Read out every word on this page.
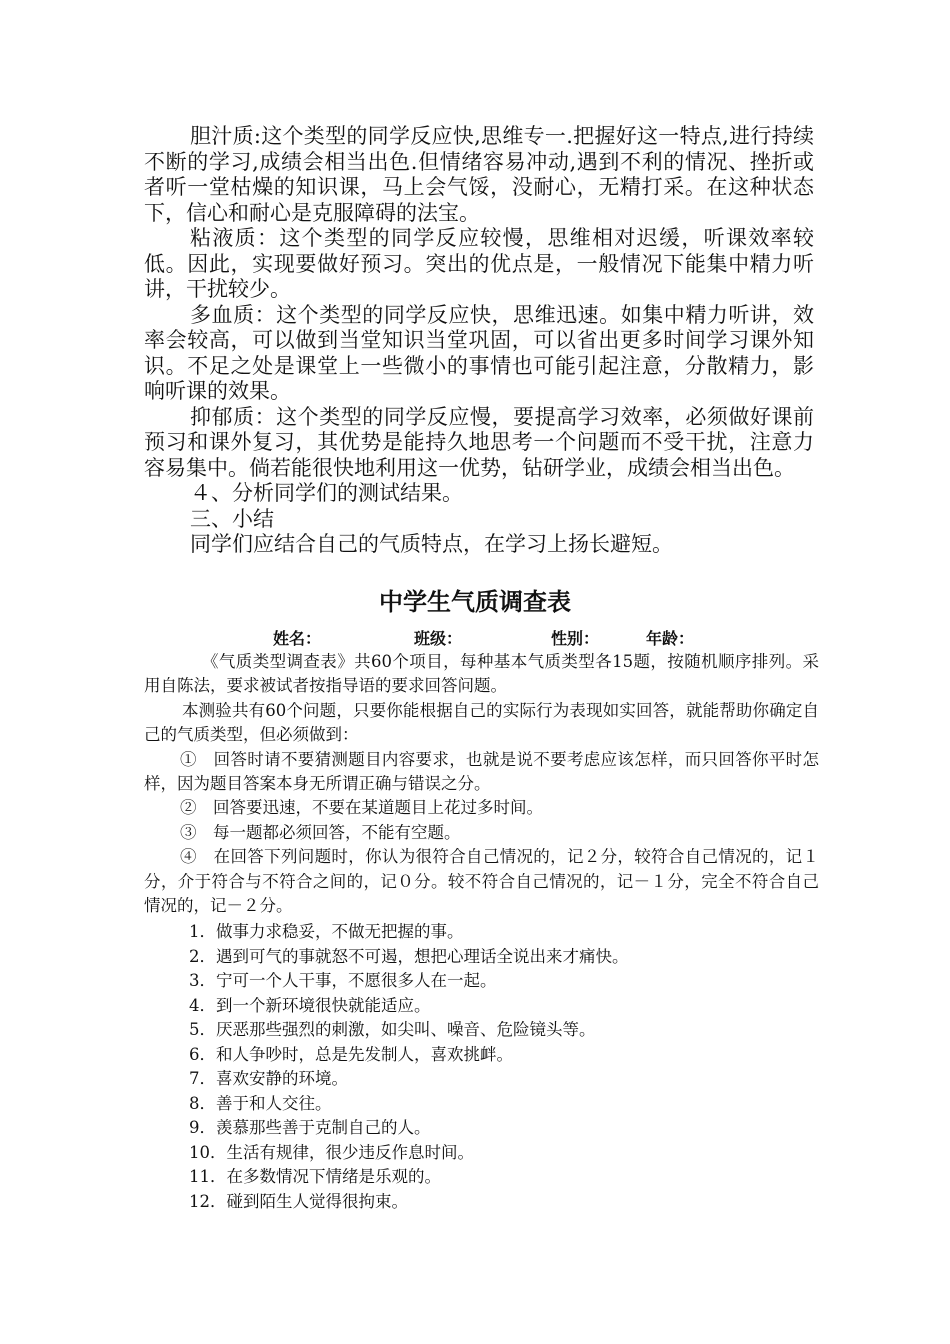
胆汁质:这个类型的同学反应快,思维专一.把握好这一特点,进行持续不断的学习,成绩会相当出色.但情绪容易冲动,遇到不利的情况、挫折或者听一堂枯燥的知识课，马上会气馁，没耐心，无精打采。在这种状态下，信心和耐心是克服障碍的法宝。

粘液质：这个类型的同学反应较慢，思维相对迟缓，听课效率较低。因此，实现要做好预习。突出的优点是，一般情况下能集中精力听讲，干扰较少。

多血质：这个类型的同学反应快，思维迅速。如集中精力听讲，效率会较高，可以做到当堂知识当堂巩固，可以省出更多时间学习课外知识。不足之处是课堂上一些微小的事情也可能引起注意，分散精力，影响听课的效果。

抑郁质：这个类型的同学反应慢，要提高学习效率，必须做好课前预习和课外复习，其优势是能持久地思考一个问题而不受干扰，注意力容易集中。倘若能很快地利用这一优势，钻研学业，成绩会相当出色。

４、分析同学们的测试结果。

三、小结

同学们应结合自己的气质特点，在学习上扬长避短。

中学生气质调查表
姓名：	班级：	性别：	年龄：

《气质类型调查表》共60个项目，每种基本气质类型各15题，按随机顺序排列。采用自陈法，要求被试者按指导语的要求回答问题。

本测验共有60个问题，只要你能根据自己的实际行为表现如实回答，就能帮助你确定自己的气质类型，但必须做到：

①　回答时请不要猜测题目内容要求，也就是说不要考虑应该怎样，而只回答你平时怎样，因为题目答案本身无所谓正确与错误之分。

②　回答要迅速，不要在某道题目上花过多时间。

③　每一题都必须回答，不能有空题。

④　在回答下列问题时，你认为很符合自己情况的，记２分，较符合自己情况的，记１分，介于符合与不符合之间的，记０分。较不符合自己情况的，记－１分，完全不符合自己情况的，记－２分。

1．做事力求稳妥，不做无把握的事。
2．遇到可气的事就怒不可遏，想把心理话全说出来才痛快。
3．宁可一个人干事，不愿很多人在一起。
4．到一个新环境很快就能适应。
5．厌恶那些强烈的刺激，如尖叫、噪音、危险镜头等。
6．和人争吵时，总是先发制人，喜欢挑衅。
7．喜欢安静的环境。
8．善于和人交往。
9．羡慕那些善于克制自己的人。
10．生活有规律，很少违反作息时间。
11．在多数情况下情绪是乐观的。
12．碰到陌生人觉得很拘束。
